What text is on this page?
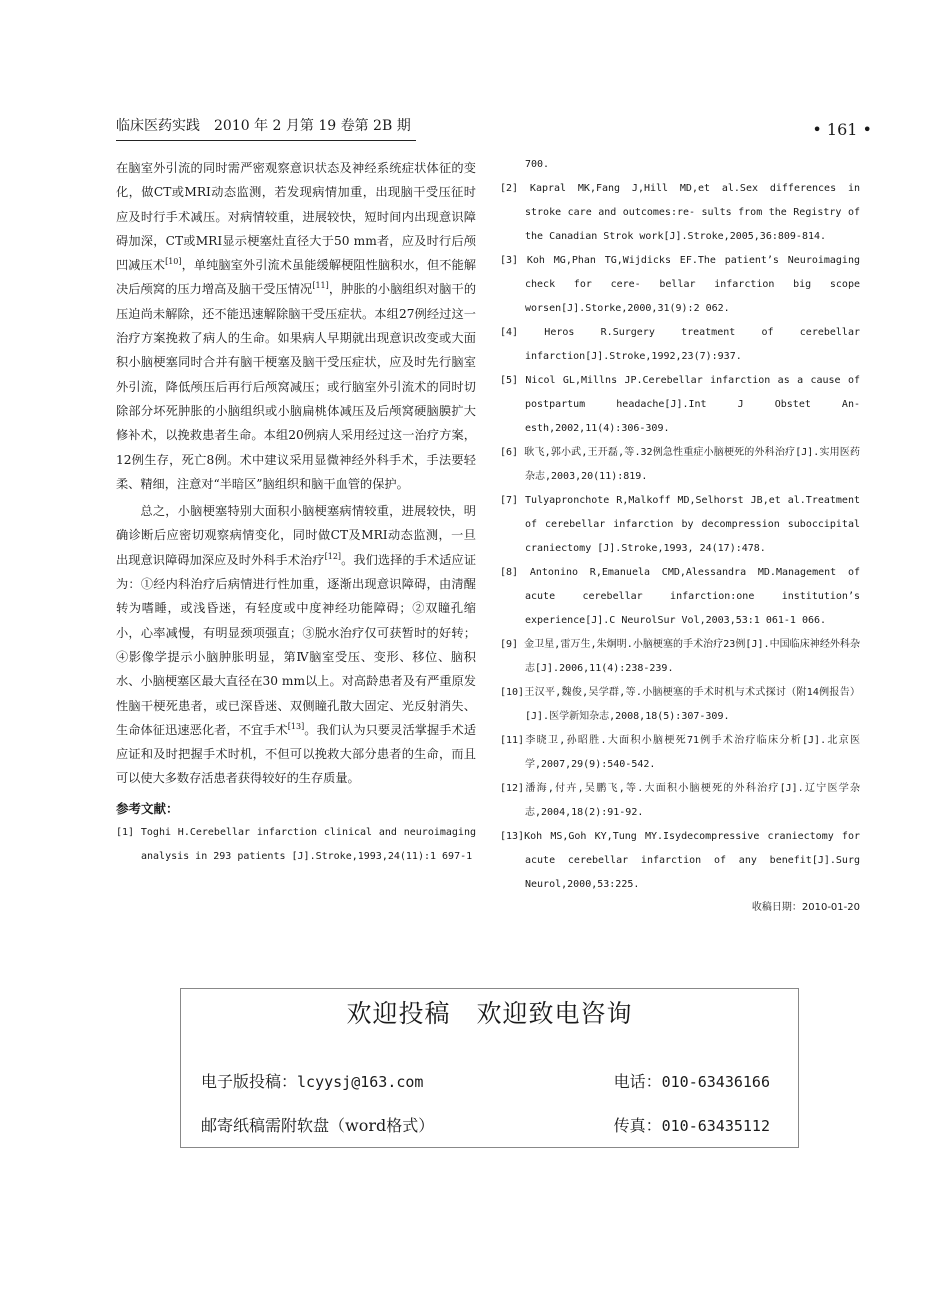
临床医药实践　2010 年 2 月第 19 卷第 2B 期	• 161 •

在脑室外引流的同时需严密观察意识状态及神经系统症状体征的变化，做CT或MRI动态监测，若发现病情加重，出现脑干受压征时应及时行手术减压。对病情较重，进展较快，短时间内出现意识障碍加深，CT或MRI显示梗塞灶直径大于50 mm者，应及时行后颅凹减压术[10]，单纯脑室外引流术虽能缓解梗阻性脑积水，但不能解决后颅窝的压力增高及脑干受压情况[11]，肿胀的小脑组织对脑干的压迫尚未解除，还不能迅速解除脑干受压症状。本组27例经过这一治疗方案挽救了病人的生命。如果病人早期就出现意识改变或大面积小脑梗塞同时合并有脑干梗塞及脑干受压症状，应及时先行脑室外引流，降低颅压后再行后颅窝减压；或行脑室外引流术的同时切除部分坏死肿胀的小脑组织或小脑扁桃体减压及后颅窝硬脑膜扩大修补术，以挽救患者生命。本组20例病人采用经过这一治疗方案，12例生存，死亡8例。术中建议采用显微神经外科手术，手法要轻柔、精细，注意对“半暗区”脑组织和脑干血管的保护。

总之，小脑梗塞特别大面积小脑梗塞病情较重，进展较快，明确诊断后应密切观察病情变化，同时做CT及MRI动态监测，一旦出现意识障碍加深应及时外科手术治疗[12]。我们选择的手术适应证为：①经内科治疗后病情进行性加重，逐渐出现意识障碍，由清醒转为嗜睡，或浅昏迷，有轻度或中度神经功能障碍；②双瞳孔缩小，心率减慢，有明显颈项强直；③脱水治疗仅可获暂时的好转；④影像学提示小脑肿胀明显，第Ⅳ脑室受压、变形、移位、脑积水、小脑梗塞区最大直径在30 mm以上。对高龄患者及有严重原发性脑干梗死患者，或已深昏迷、双侧瞳孔散大固定、光反射消失、生命体征迅速恶化者，不宜手术[13]。我们认为只要灵活掌握手术适应证和及时把握手术时机，不但可以挽救大部分患者的生命，而且可以使大多数存活患者获得较好的生存质量。

参考文献：
[1] Toghi H.Cerebellar infarction clinical and neuroimaging analysis in 293 patients [J].Stroke,1993,24(11):1 697-1
700.
[2] Kapral MK,Fang J,Hill MD,et al.Sex differences in stroke care and outcomes:re- sults from the Registry of the Canadian Strok work[J].Stroke,2005,36:809-814.
[3] Koh MG,Phan TG,Wijdicks EF.The patient’s Neuroimaging check for cere- bellar infarction big scope worsen[J].Storke,2000,31(9):2 062.
[4] Heros R.Surgery treatment of cerebellar infarction[J].Stroke,1992,23(7):937.
[5] Nicol GL,Millns JP.Cerebellar infarction as a cause of postpartum headache[J].Int J Obstet An- esth,2002,11(4):306-309.
[6] 耿飞,郭小武,王开磊,等.32例急性重症小脑梗死的外科治疗[J].实用医药杂志,2003,20(11):819.
[7] Tulyapronchote R,Malkoff MD,Selhorst JB,et al.Treatment of cerebellar infarction by decompression suboccipital craniectomy [J].Stroke,1993, 24(17):478.
[8] Antonino R,Emanuela CMD,Alessandra MD.Management of acute cerebellar infarction:one institution’s experience[J].C NeurolSur Vol,2003,53:1 061-1 066.
[9] 金卫星,雷万生,朱炯明.小脑梗塞的手术治疗23例[J].中国临床神经外科杂志[J].2006,11(4):238-239.
[10]王汉平,魏俊,吴学群,等.小脑梗塞的手术时机与术式探讨（附14例报告）[J].医学新知杂志,2008,18(5):307-309.
[11]李晓卫,孙昭胜.大面积小脑梗死71例手术治疗临床分析[J].北京医学,2007,29(9):540-542.
[12]潘海,付卉,吴鹏飞,等.大面积小脑梗死的外科治疗[J].辽宁医学杂志,2004,18(2):91-92.
[13]Koh MS,Goh KY,Tung MY.Isydecompressive craniectomy for acute cerebellar infarction of any benefit[J].Surg Neurol,2000,53:225.
收稿日期：2010-01-20
欢迎投稿　欢迎致电咨询
电子版投稿：lcyysj@163.com	电话：010-63436166
邮寄纸稿需附软盘（word格式）	传真：010-63435112
